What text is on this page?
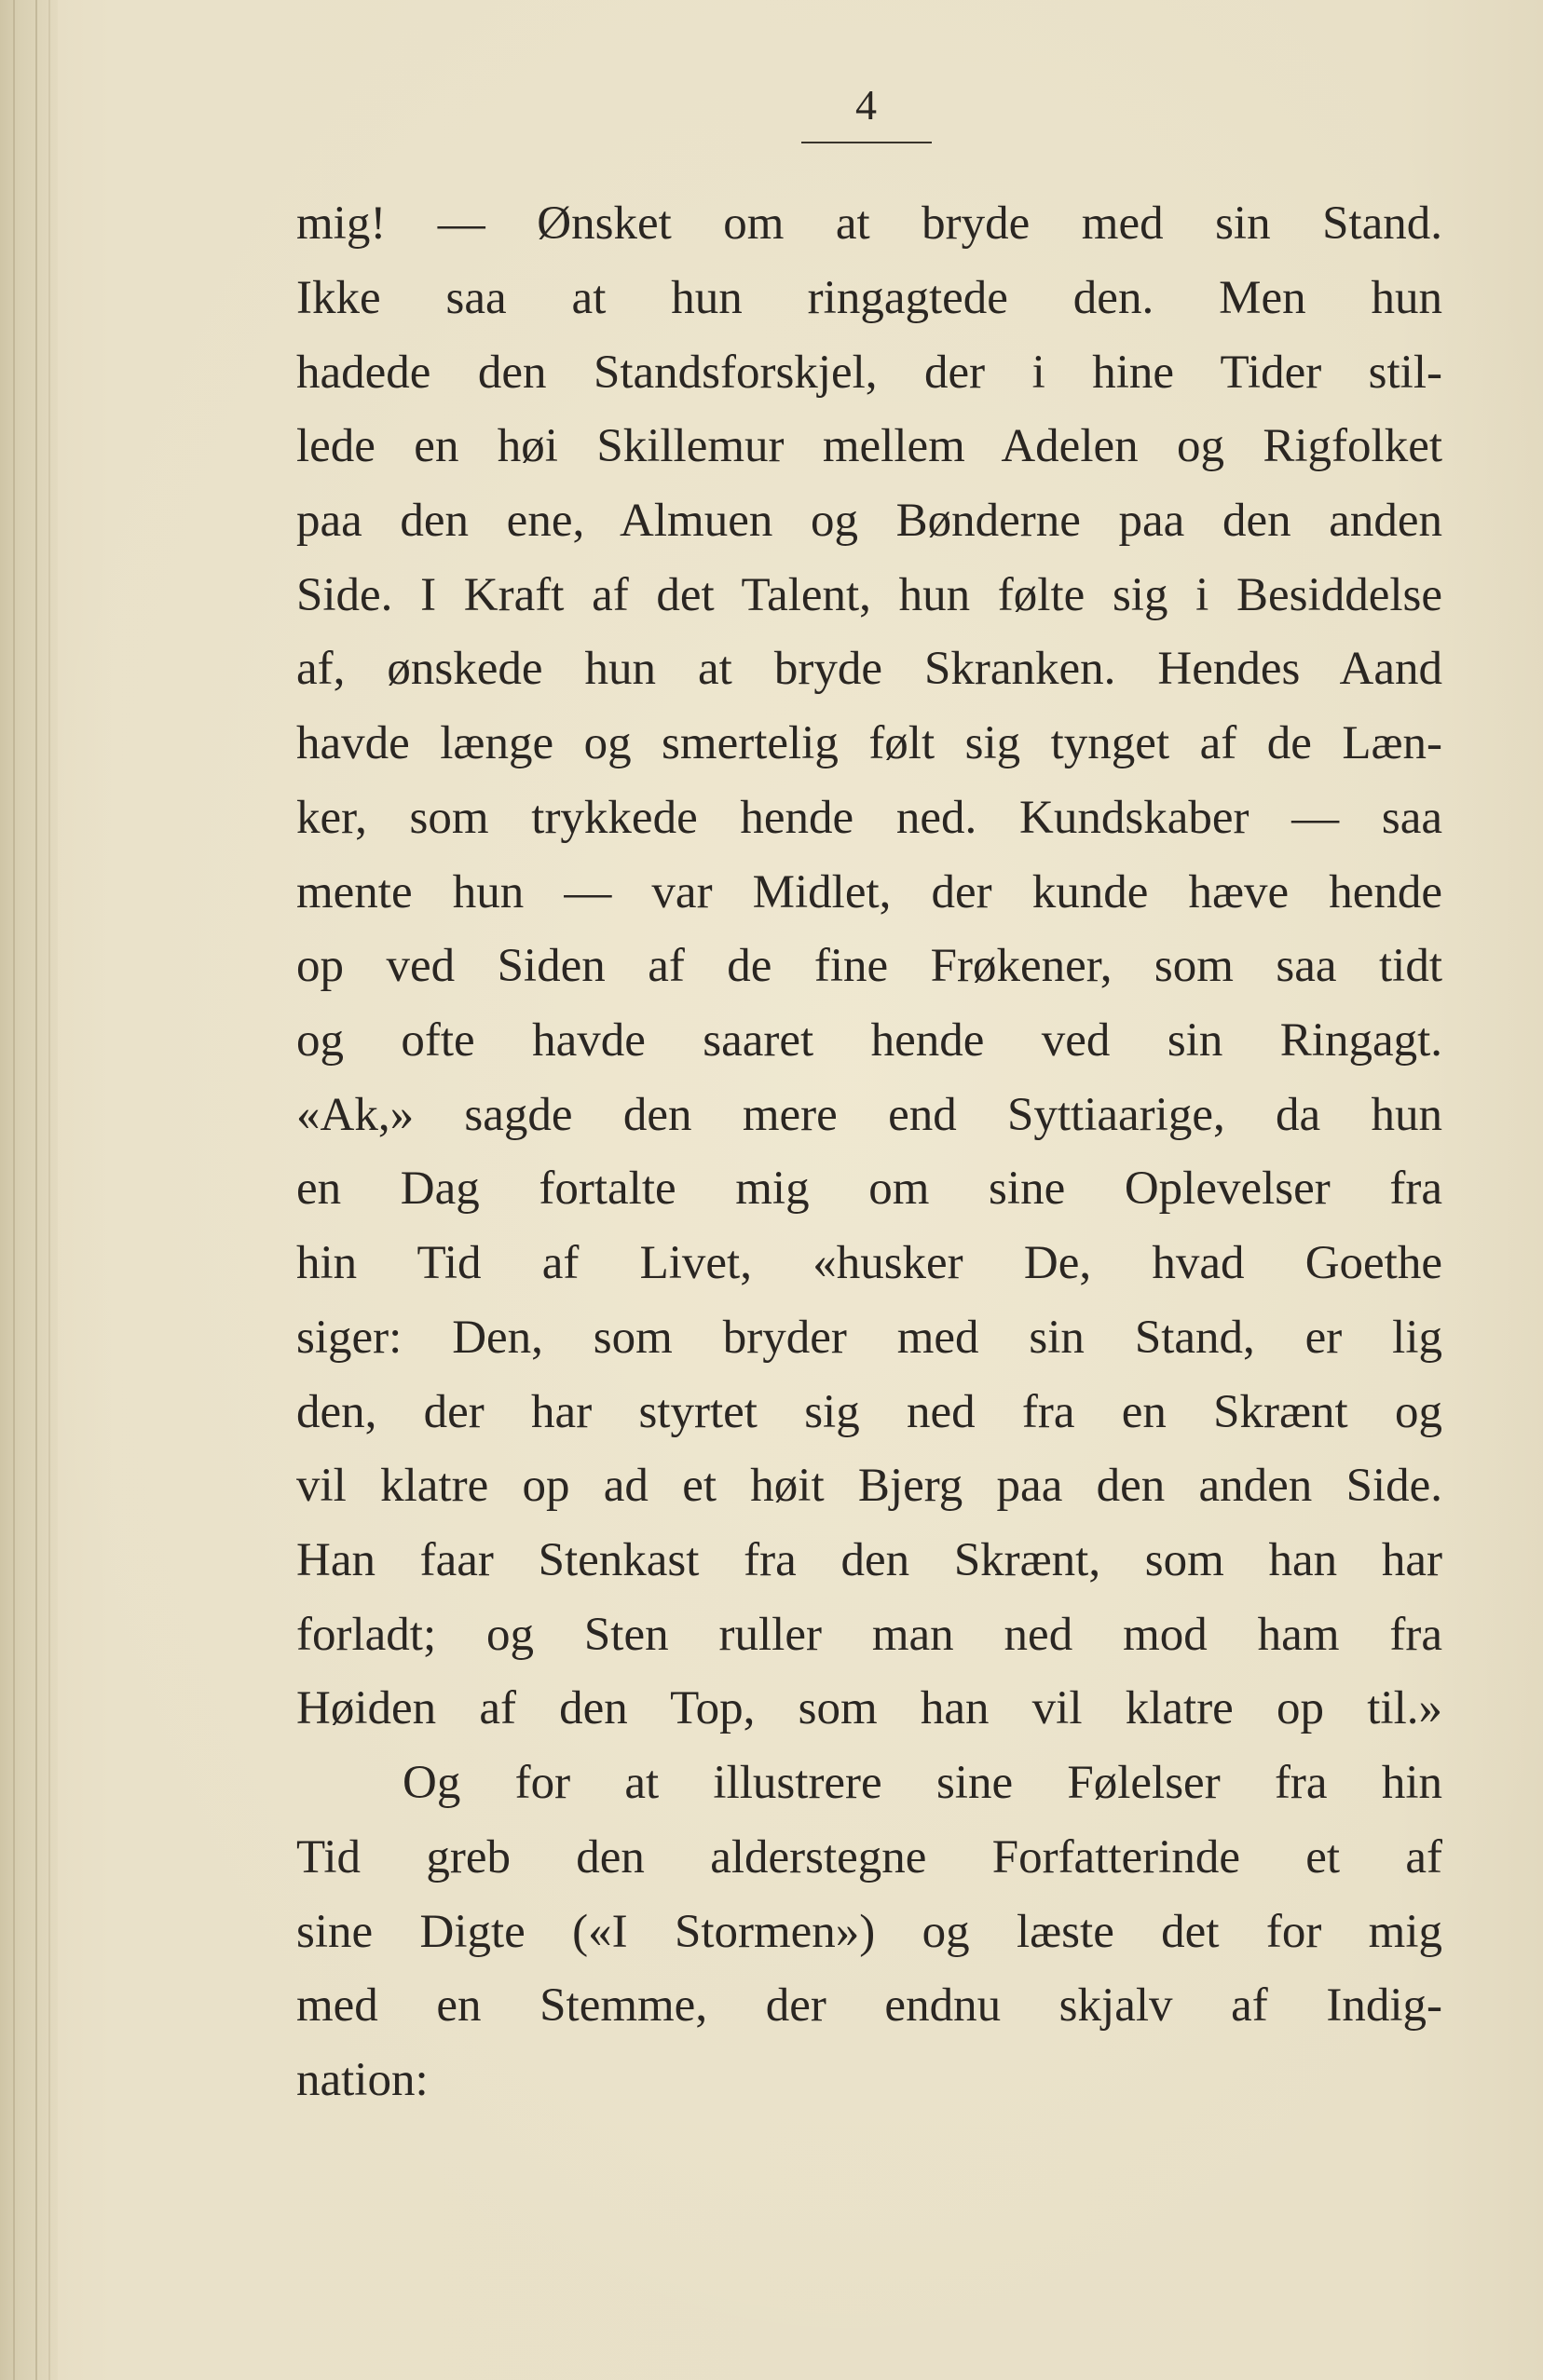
4
mig! — Ønsket om at bryde med sin Stand.
Ikke saa at hun ringagtede den. Men hun
hadede den Standsforskjel, der i hine Tider stil-
lede en høi Skillemur mellem Adelen og Rigfolket
paa den ene, Almuen og Bønderne paa den anden
Side. I Kraft af det Talent, hun følte sig i Besiddelse
af, ønskede hun at bryde Skranken. Hendes Aand
havde længe og smertelig følt sig tynget af de Læn-
ker, som trykkede hende ned. Kundskaber — saa
mente hun — var Midlet, der kunde hæve hende
op ved Siden af de fine Frøkener, som saa tidt
og ofte havde saaret hende ved sin Ringagt.
«Ak,» sagde den mere end Syttiaarige, da hun
en Dag fortalte mig om sine Oplevelser fra
hin Tid af Livet, «husker De, hvad Goethe
siger: Den, som bryder med sin Stand, er lig
den, der har styrtet sig ned fra en Skrænt og
vil klatre op ad et høit Bjerg paa den anden Side.
Han faar Stenkast fra den Skrænt, som han har
forladt; og Sten ruller man ned mod ham fra
Høiden af den Top, som han vil klatre op til.»
Og for at illustrere sine Følelser fra hin
Tid greb den alderstegne Forfatterinde et af
sine Digte («I Stormen») og læste det for mig
med en Stemme, der endnu skjalv af Indig-
nation:
